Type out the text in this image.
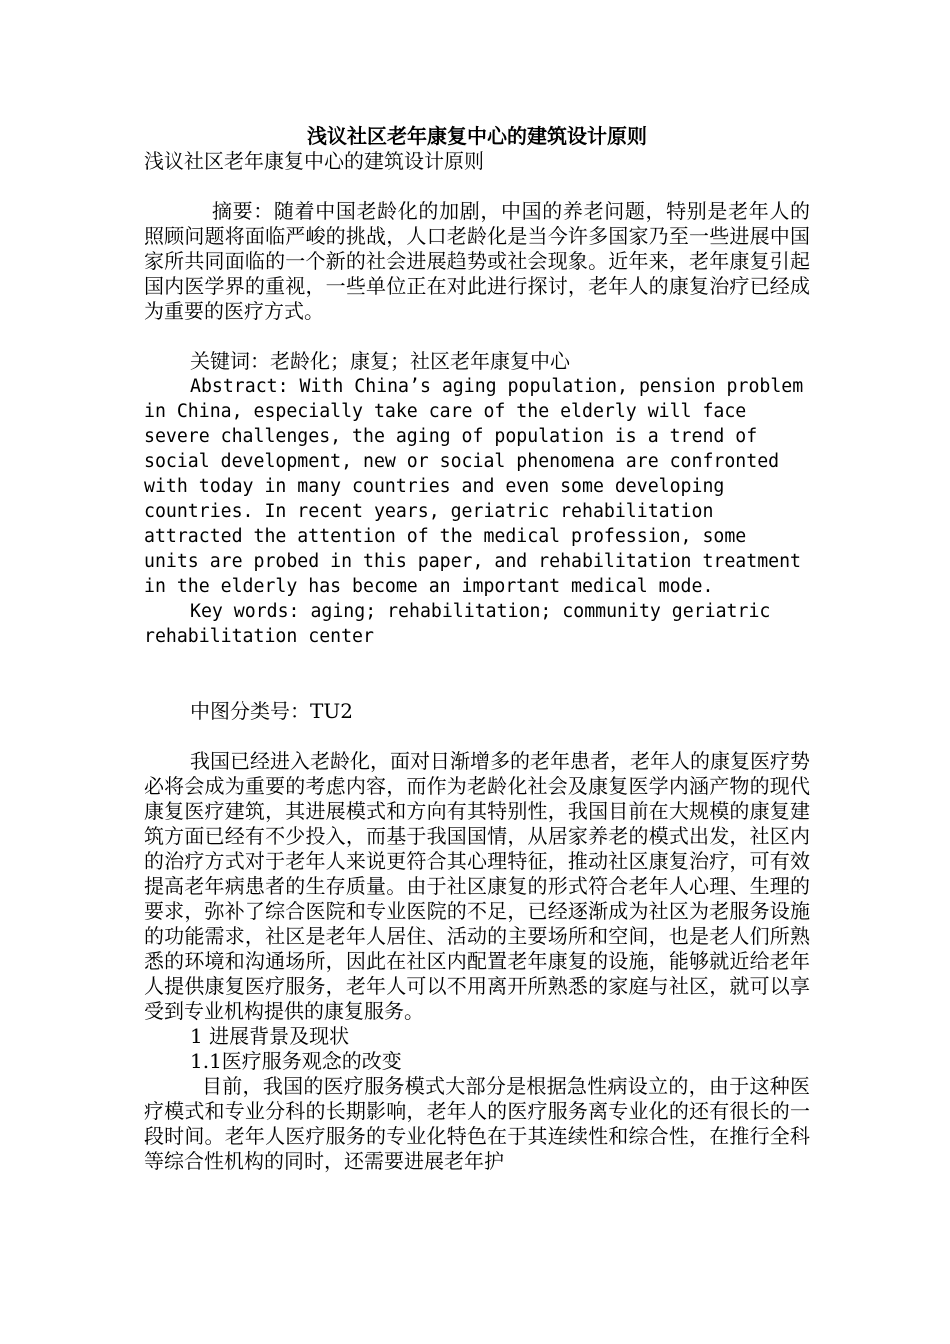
浅议社区老年康复中心的建筑设计原则

浅议社区老年康复中心的建筑设计原则

摘要：随着中国老龄化的加剧，中国的养老问题，特别是老年人的照顾问题将面临严峻的挑战，人口老龄化是当今许多国家乃至一些进展中国家所共同面临的一个新的社会进展趋势或社会现象。近年来，老年康复引起国内医学界的重视，一些单位正在对此进行探讨，老年人的康复治疗已经成为重要的医疗方式。

关键词：老龄化；康复；社区老年康复中心

Abstract: With China’s aging population, pension problem in China, especially take care of the elderly will face severe challenges, the aging of population is a trend of social development, new or social phenomena are confronted with today in many countries and even some developing countries. In recent years, geriatric rehabilitation attracted the attention of the medical profession, some units are probed in this paper, and rehabilitation treatment in the elderly has become an important medical mode.

Key words: aging; rehabilitation; community geriatric rehabilitation center

中图分类号：TU2

我国已经进入老龄化，面对日渐增多的老年患者，老年人的康复医疗势必将会成为重要的考虑内容，而作为老龄化社会及康复医学内涵产物的现代康复医疗建筑，其进展模式和方向有其特别性，我国目前在大规模的康复建筑方面已经有不少投入，而基于我国国情，从居家养老的模式出发，社区内的治疗方式对于老年人来说更符合其心理特征，推动社区康复治疗，可有效提高老年病患者的生存质量。由于社区康复的形式符合老年人心理、生理的要求，弥补了综合医院和专业医院的不足，已经逐渐成为社区为老服务设施的功能需求，社区是老年人居住、活动的主要场所和空间，也是老人们所熟悉的环境和沟通场所，因此在社区内配置老年康复的设施，能够就近给老年人提供康复医疗服务，老年人可以不用离开所熟悉的家庭与社区，就可以享受到专业机构提供的康复服务。

1 进展背景及现状

1.1医疗服务观念的改变

目前，我国的医疗服务模式大部分是根据急性病设立的，由于这种医疗模式和专业分科的长期影响，老年人的医疗服务离专业化的还有很长的一段时间。老年人医疗服务的专业化特色在于其连续性和综合性，在推行全科等综合性机构的同时，还需要进展老年护
